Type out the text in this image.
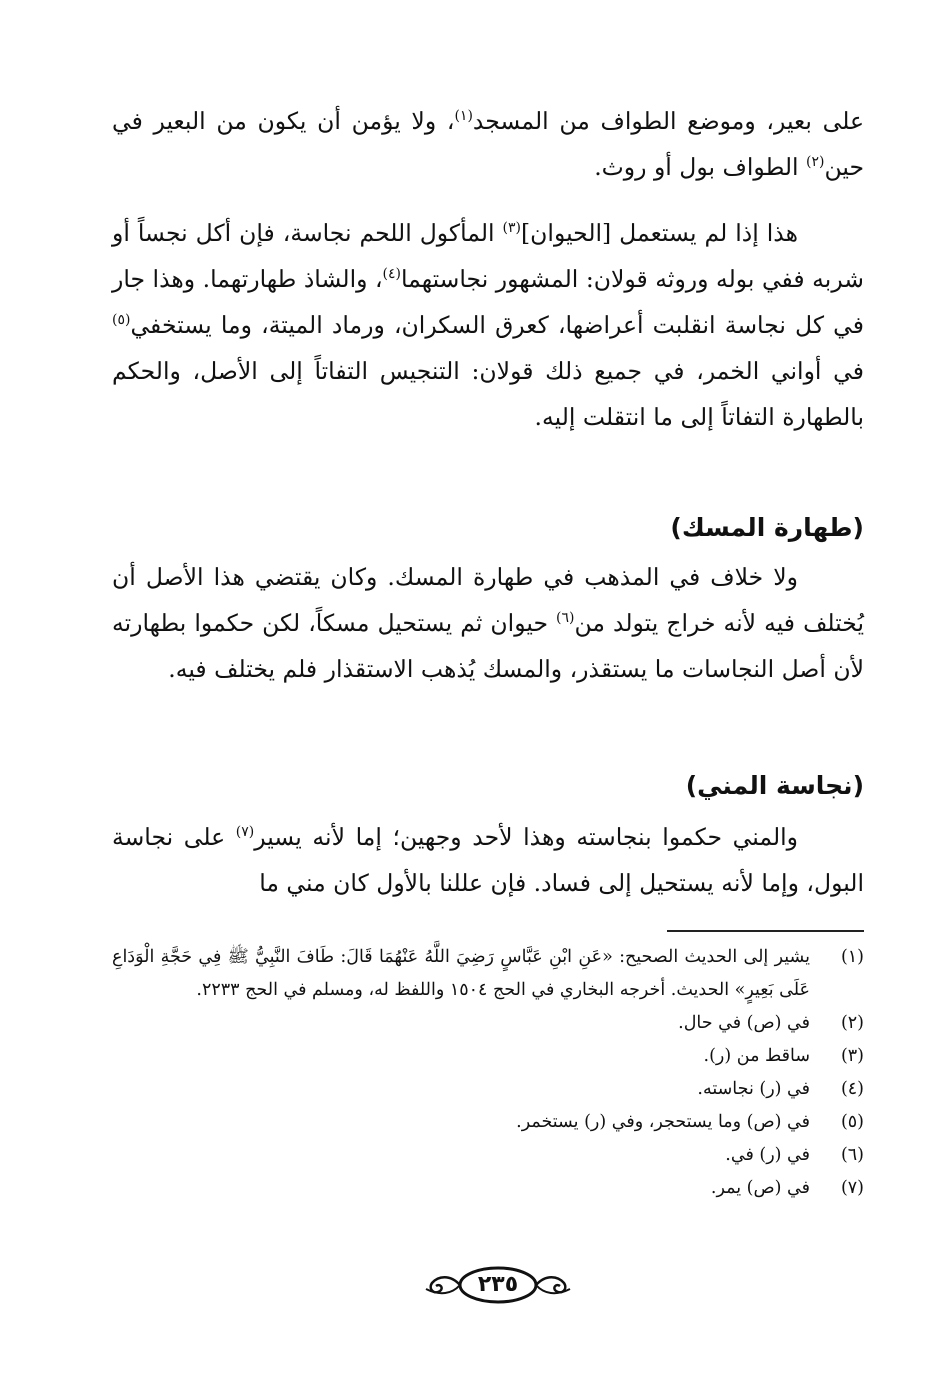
على بعير، وموضع الطواف من المسجد$^{(١)}$، ولا يؤمن أن يكون من البعير في حين$^{(٢)}$ الطواف بول أو روث.

هذا إذا لم يستعمل [الحيوان]$^{(٣)}$ المأكول اللحم نجاسة، فإن أكل نجساً أو شربه ففي بوله وروثه قولان: المشهور نجاستهما$^{(٤)}$، والشاذ طهارتهما. وهذا جار في كل نجاسة انقلبت أعراضها، كعرق السكران، ورماد الميتة، وما يستخفي$^{(٥)}$ في أواني الخمر، في جميع ذلك قولان: التنجيس التفاتاً إلى الأصل، والحكم بالطهارة التفاتاً إلى ما انتقلت إليه.

(طهارة المسك)

ولا خلاف في المذهب في طهارة المسك. وكان يقتضي هذا الأصل أن يُختلف فيه لأنه خراج يتولد من$^{(٦)}$ حيوان ثم يستحيل مسكاً، لكن حكموا بطهارته لأن أصل النجاسات ما يستقذر، والمسك يُذهب الاستقذار فلم يختلف فيه.

(نجاسة المني)

والمني حكموا بنجاسته وهذا لأحد وجهين؛ إما لأنه يسير$^{(٧)}$ على نجاسة البول، وإما لأنه يستحيل إلى فساد. فإن عللنا بالأول كان مني ما

(١)
يشير إلى الحديث الصحيح: «عَنِ ابْنِ عَبَّاسٍ رَضِيَ اللَّهُ عَنْهُمَا قَالَ: طَافَ النَّبِيُّ ﷺ فِي حَجَّةِ الْوَدَاعِ عَلَى بَعِيرٍ» الحديث. أخرجه البخاري في الحج ١٥٠٤ واللفظ له، ومسلم في الحج ٢٢٣٣.
(٢)
في (ص) في حال.
(٣)
ساقط من (ر).
(٤)
في (ر) نجاسته.
(٥)
في (ص) وما يستحجر، وفي (ر) يستخمر.
(٦)
في (ر) في.
(٧)
في (ص) يمر.
٢٣٥
